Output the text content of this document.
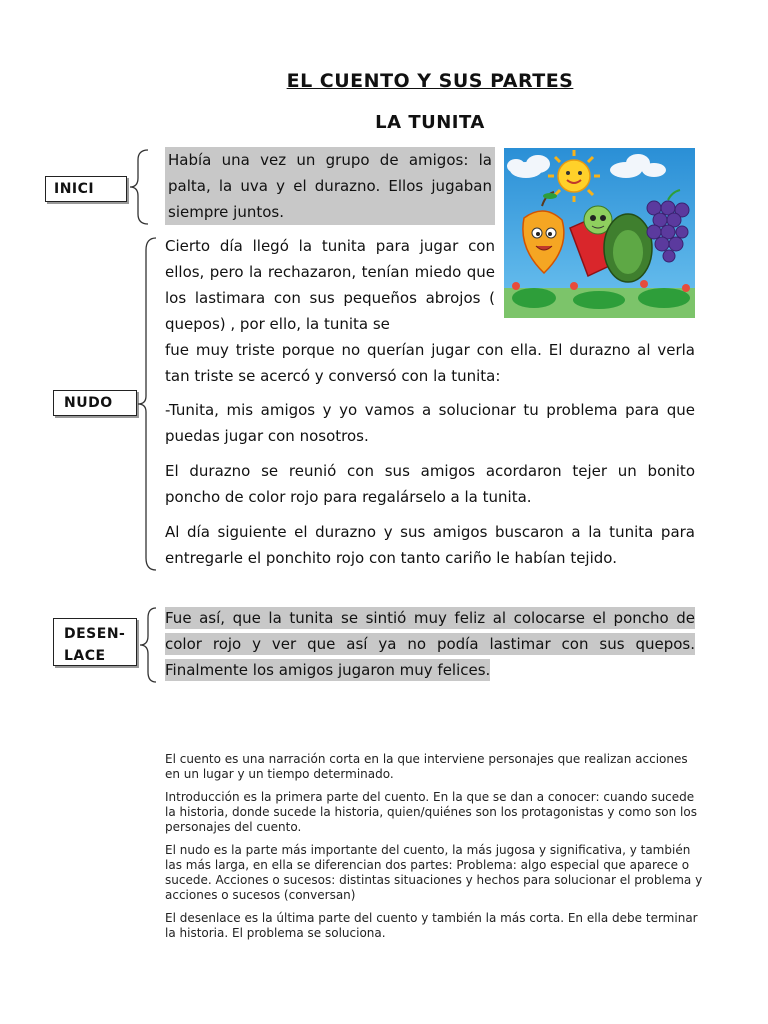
EL CUENTO Y SUS PARTES
LA TUNITA
INICI
NUDO
DESEN-
LACE

Había una vez un grupo de amigos: la palta, la uva y el durazno. Ellos jugaban siempre juntos.

Cierto día llegó la tunita para jugar con ellos, pero la rechazaron, tenían miedo que los lastimara con sus pequeños abrojos ( quepos) , por ello, la tunita se

fue muy triste porque no querían jugar con ella. El durazno al verla tan triste se acercó y conversó con la tunita:

-Tunita, mis amigos y yo vamos a solucionar tu problema para que puedas jugar con nosotros.

El durazno se reunió con sus amigos acordaron tejer un bonito poncho de color rojo para regalárselo a la tunita.

Al día siguiente el durazno y sus amigos buscaron a la tunita para entregarle el ponchito rojo con tanto cariño le habían tejido.

Fue así, que la tunita se sintió muy feliz al colocarse el poncho de color rojo y ver que así ya no podía lastimar con sus quepos. Finalmente los amigos jugaron muy felices.

El cuento es una narración corta en la que interviene personajes que realizan acciones en un lugar y un tiempo determinado.

Introducción es la primera parte del cuento. En la que se dan a conocer: cuando sucede la historia, donde sucede la historia, quien/quiénes son los protagonistas y como son los personajes del cuento.

El nudo es la parte más importante del cuento, la más jugosa y significativa, y también las más larga, en ella se diferencian dos partes: Problema: algo especial que aparece o sucede. Acciones o sucesos: distintas situaciones y hechos para solucionar el problema y acciones o sucesos (conversan)

El desenlace es la última parte del cuento y también la más corta. En ella debe terminar la historia. El problema se soluciona.
